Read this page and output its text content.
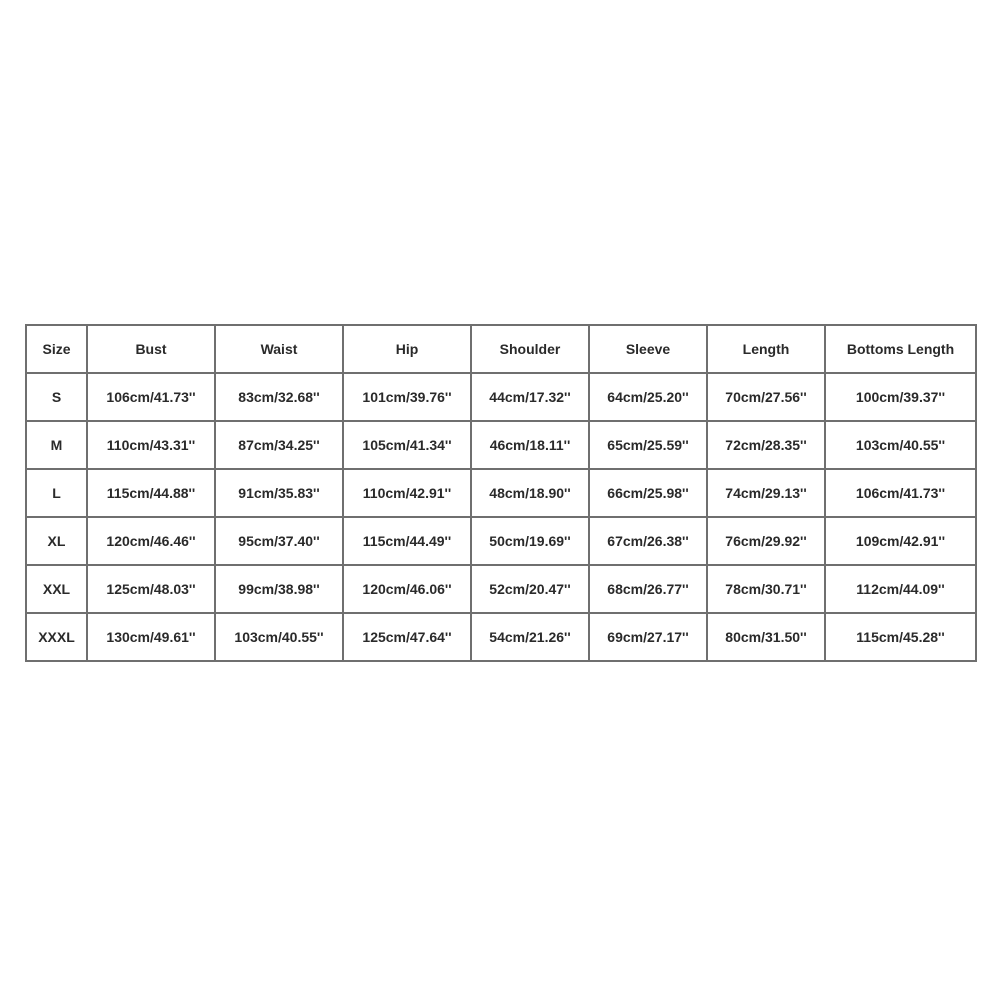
Size	Bust	Waist	Hip	Shoulder	Sleeve	Length	Bottoms Length
S	106cm/41.73''	83cm/32.68''	101cm/39.76''	44cm/17.32''	64cm/25.20''	70cm/27.56''	100cm/39.37''
M	110cm/43.31''	87cm/34.25''	105cm/41.34''	46cm/18.11''	65cm/25.59''	72cm/28.35''	103cm/40.55''
L	115cm/44.88''	91cm/35.83''	110cm/42.91''	48cm/18.90''	66cm/25.98''	74cm/29.13''	106cm/41.73''
XL	120cm/46.46''	95cm/37.40''	115cm/44.49''	50cm/19.69''	67cm/26.38''	76cm/29.92''	109cm/42.91''
XXL	125cm/48.03''	99cm/38.98''	120cm/46.06''	52cm/20.47''	68cm/26.77''	78cm/30.71''	112cm/44.09''
XXXL	130cm/49.61''	103cm/40.55''	125cm/47.64''	54cm/21.26''	69cm/27.17''	80cm/31.50''	115cm/45.28''
